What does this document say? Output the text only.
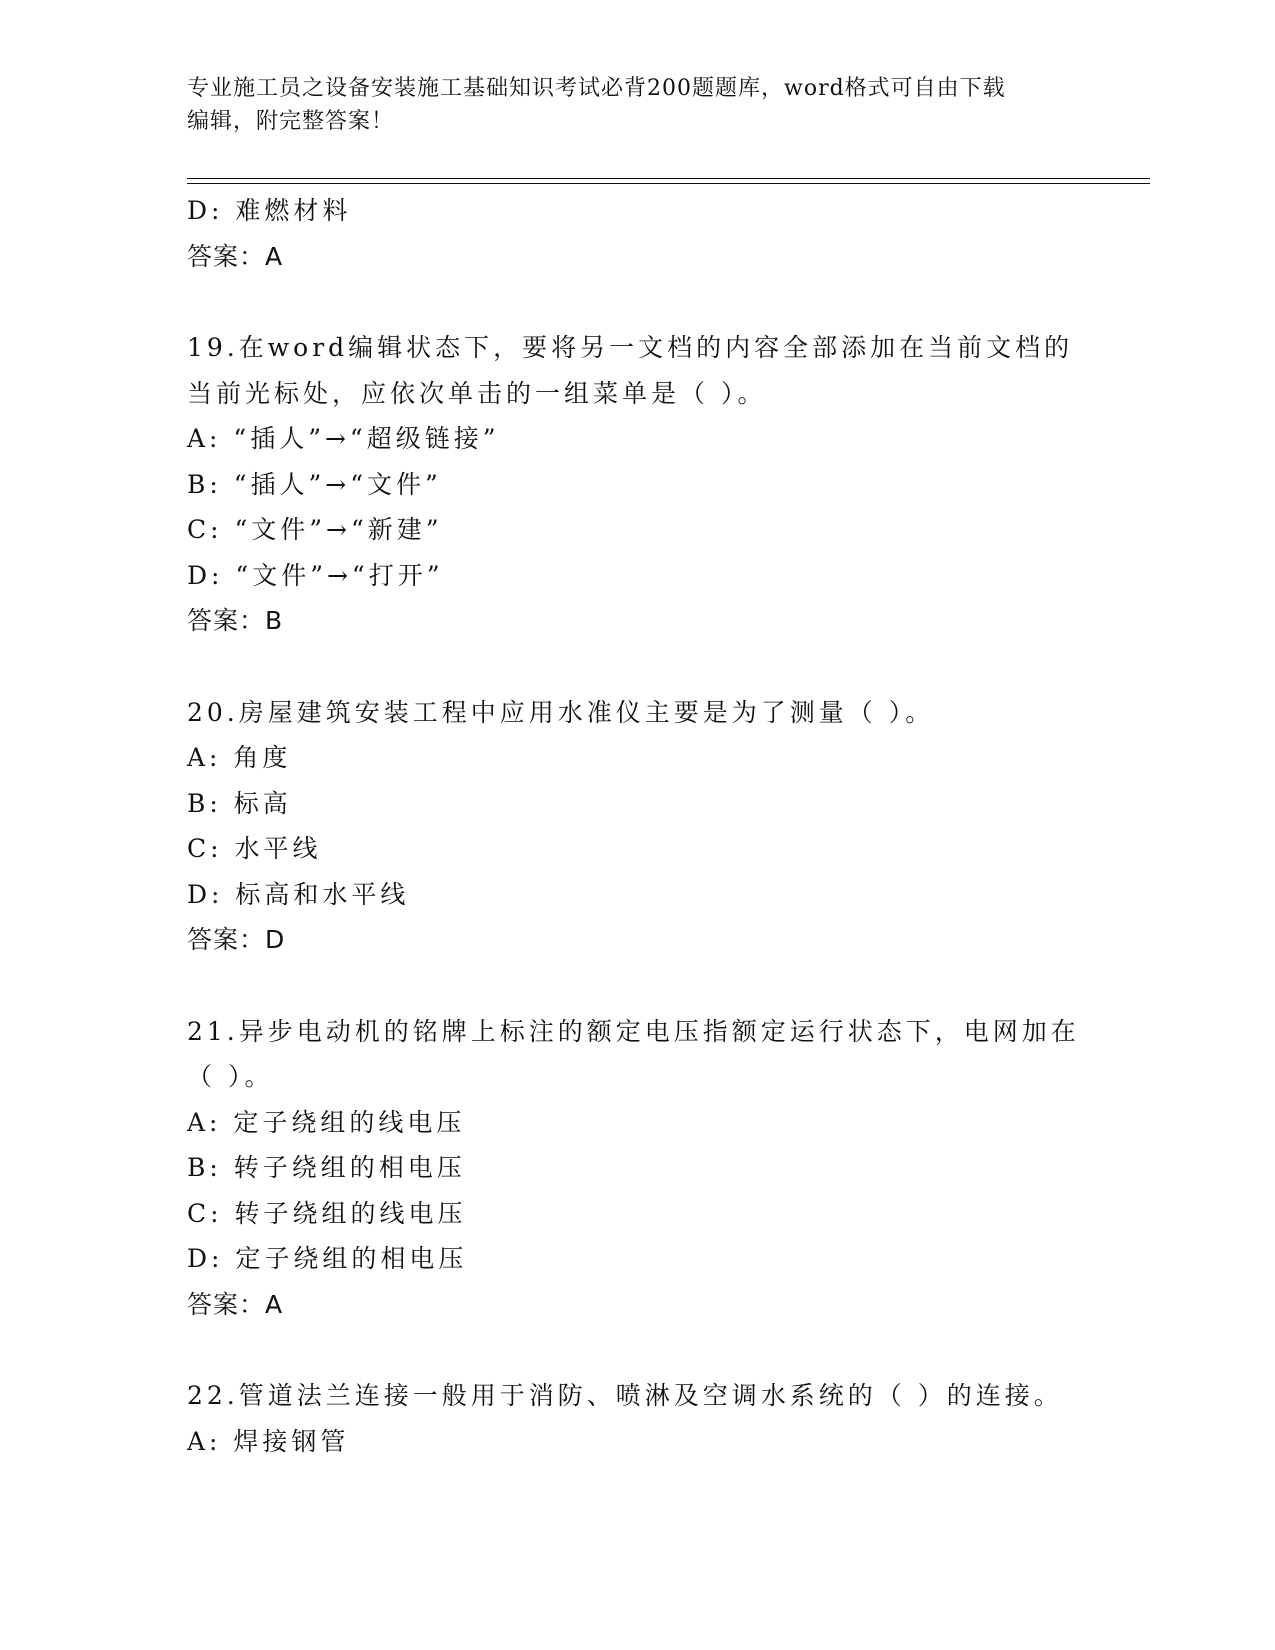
专业施工员之设备安装施工基础知识考试必背200题题库，word格式可自由下载
编辑，附完整答案！
D: 难燃材料
答案：A
19.在word编辑状态下，要将另一文档的内容全部添加在当前文档的
当前光标处，应依次单击的一组菜单是（ ）。
A: “插人”→“超级链接”
B: “插人”→“文件”
C: “文件”→“新建”
D: “文件”→“打开”
答案：B
20.房屋建筑安装工程中应用水准仪主要是为了测量（ ）。
A: 角度
B: 标高
C: 水平线
D: 标高和水平线
答案：D
21.异步电动机的铭牌上标注的额定电压指额定运行状态下，电网加在
（ ）。
A: 定子绕组的线电压
B: 转子绕组的相电压
C: 转子绕组的线电压
D: 定子绕组的相电压
答案：A
22.管道法兰连接一般用于消防、喷淋及空调水系统的（ ）的连接。
A: 焊接钢管
